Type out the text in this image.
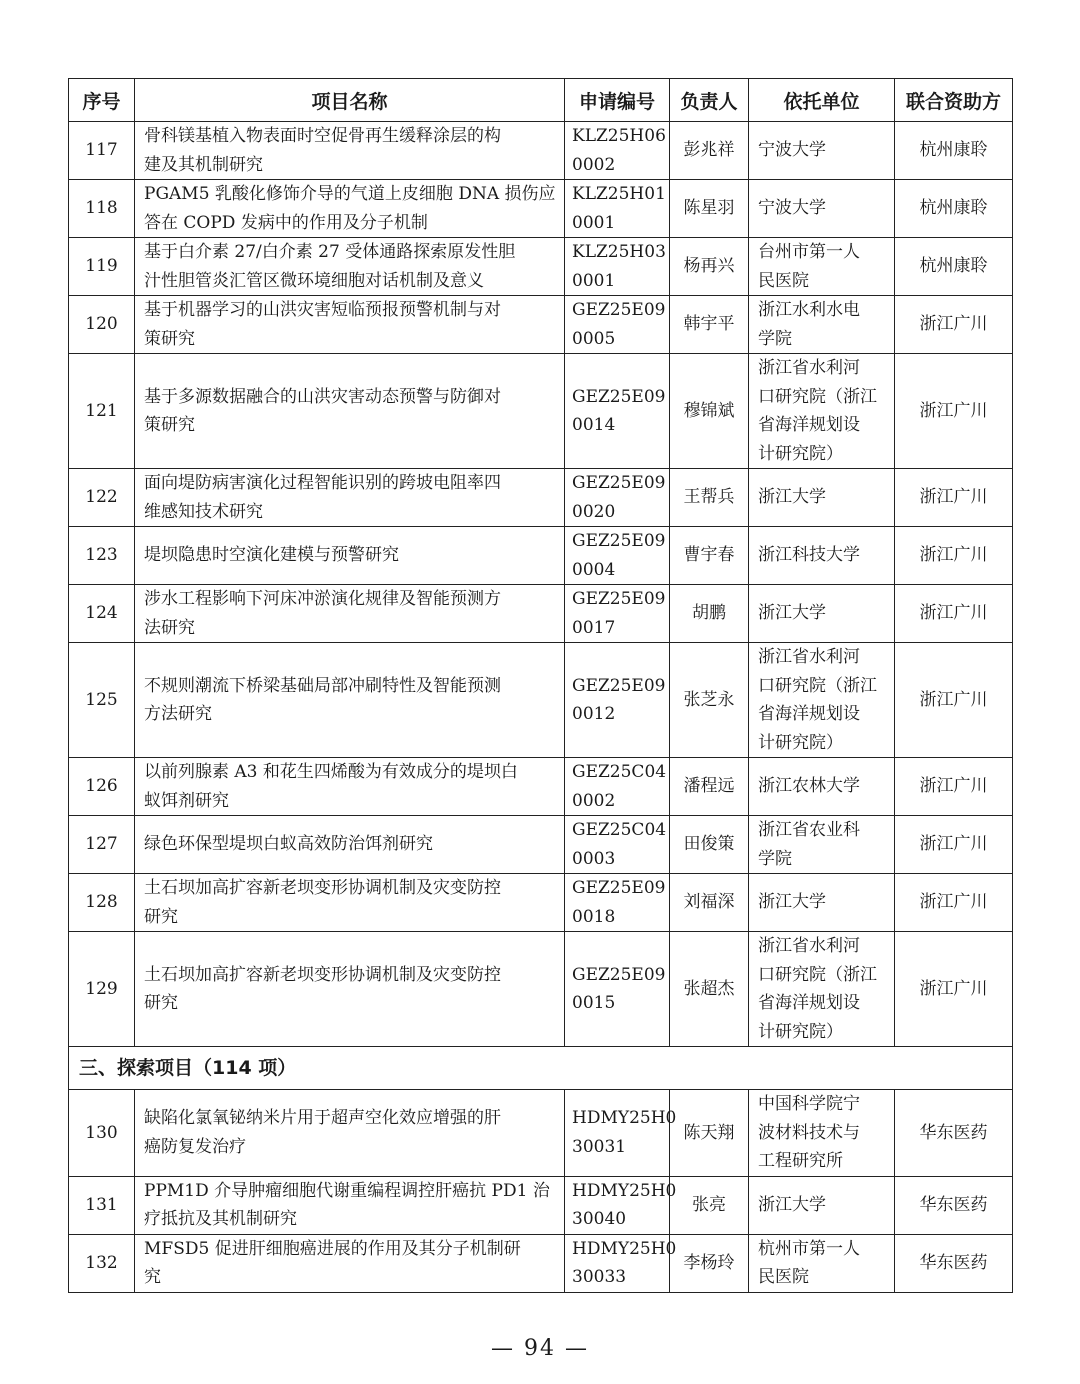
序号	项目名称	申请编号	负责人	依托单位	联合资助方
117	骨科镁基植入物表面时空促骨再生缓释涂层的构
建及其机制研究	KLZ25H06
0002	彭兆祥	宁波大学	杭州康聆
118	PGAM5 乳酸化修饰介导的气道上皮细胞 DNA 损伤应
答在 COPD 发病中的作用及分子机制	KLZ25H01
0001	陈星羽	宁波大学	杭州康聆
119	基于白介素 27/白介素 27 受体通路探索原发性胆
汁性胆管炎汇管区微环境细胞对话机制及意义	KLZ25H03
0001	杨再兴	台州市第一人
民医院	杭州康聆
120	基于机器学习的山洪灾害短临预报预警机制与对
策研究	GEZ25E09
0005	韩宇平	浙江水利水电
学院	浙江广川
121	基于多源数据融合的山洪灾害动态预警与防御对
策研究	GEZ25E09
0014	穆锦斌	浙江省水利河
口研究院（浙江
省海洋规划设
计研究院）	浙江广川
122	面向堤防病害演化过程智能识别的跨坡电阻率四
维感知技术研究	GEZ25E09
0020	王帮兵	浙江大学	浙江广川
123	堤坝隐患时空演化建模与预警研究	GEZ25E09
0004	曹宇春	浙江科技大学	浙江广川
124	涉水工程影响下河床冲淤演化规律及智能预测方
法研究	GEZ25E09
0017	胡鹏	浙江大学	浙江广川
125	不规则潮流下桥梁基础局部冲刷特性及智能预测
方法研究	GEZ25E09
0012	张芝永	浙江省水利河
口研究院（浙江
省海洋规划设
计研究院）	浙江广川
126	以前列腺素 A3 和花生四烯酸为有效成分的堤坝白
蚁饵剂研究	GEZ25C04
0002	潘程远	浙江农林大学	浙江广川
127	绿色环保型堤坝白蚁高效防治饵剂研究	GEZ25C04
0003	田俊策	浙江省农业科
学院	浙江广川
128	土石坝加高扩容新老坝变形协调机制及灾变防控
研究	GEZ25E09
0018	刘福深	浙江大学	浙江广川
129	土石坝加高扩容新老坝变形协调机制及灾变防控
研究	GEZ25E09
0015	张超杰	浙江省水利河
口研究院（浙江
省海洋规划设
计研究院）	浙江广川
三、探索项目（114 项）					
130	缺陷化氯氧铋纳米片用于超声空化效应增强的肝
癌防复发治疗	HDMY25H0
30031	陈天翔	中国科学院宁
波材料技术与
工程研究所	华东医药
131	PPM1D 介导肿瘤细胞代谢重编程调控肝癌抗 PD1 治
疗抵抗及其机制研究	HDMY25H0
30040	张亮	浙江大学	华东医药
132	MFSD5 促进肝细胞癌进展的作用及其分子机制研
究	HDMY25H0
30033	李杨玲	杭州市第一人
民医院	华东医药
— 94 —
